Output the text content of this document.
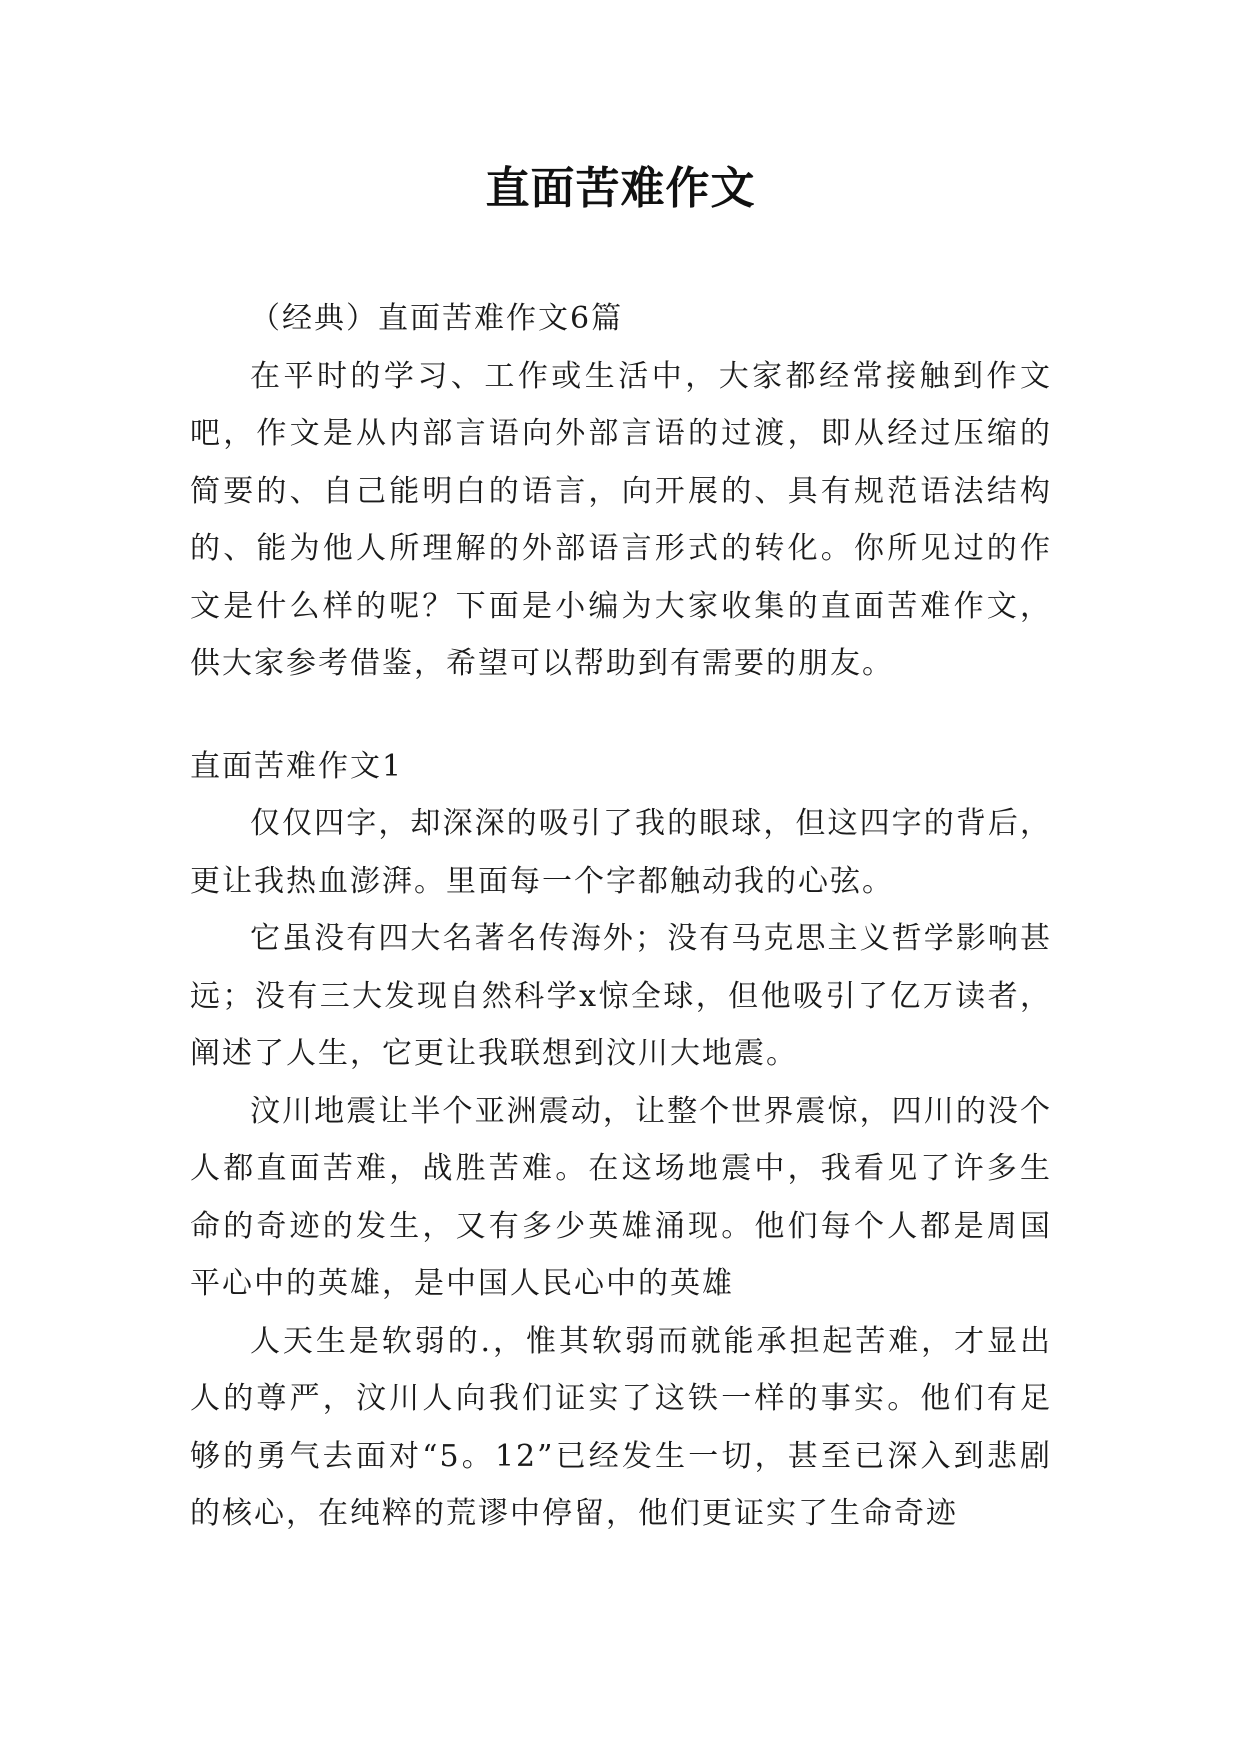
直面苦难作文

（经典）直面苦难作文6篇

在平时的学习、工作或生活中，大家都经常接触到作文吧，作文是从内部言语向外部言语的过渡，即从经过压缩的简要的、自己能明白的语言，向开展的、具有规范语法结构的、能为他人所理解的外部语言形式的转化。你所见过的作文是什么样的呢？下面是小编为大家收集的直面苦难作文，供大家参考借鉴，希望可以帮助到有需要的朋友。

直面苦难作文1

仅仅四字，却深深的吸引了我的眼球，但这四字的背后，更让我热血澎湃。里面每一个字都触动我的心弦。

它虽没有四大名著名传海外；没有马克思主义哲学影响甚远；没有三大发现自然科学x惊全球，但他吸引了亿万读者，阐述了人生，它更让我联想到汶川大地震。

汶川地震让半个亚洲震动，让整个世界震惊，四川的没个人都直面苦难，战胜苦难。在这场地震中，我看见了许多生命的奇迹的发生，又有多少英雄涌现。他们每个人都是周国平心中的英雄，是中国人民心中的英雄

人天生是软弱的.，惟其软弱而就能承担起苦难，才显出人的尊严，汶川人向我们证实了这铁一样的事实。他们有足够的勇气去面对“5。12”已经发生一切，甚至已深入到悲剧的核心，在纯粹的荒谬中停留，他们更证实了生命奇迹
